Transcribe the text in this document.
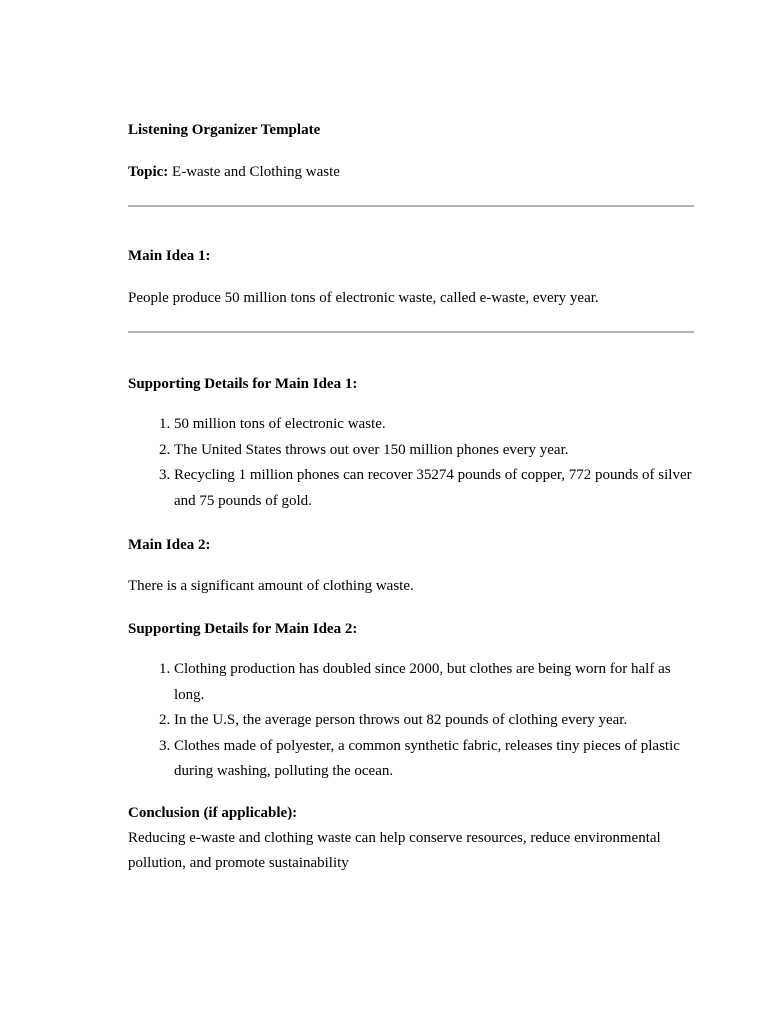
Listening Organizer Template
Topic: E-waste and Clothing waste
Main Idea 1:
People produce 50 million tons of electronic waste, called e-waste, every year.
Supporting Details for Main Idea 1:
1. 50 million tons of electronic waste.
2. The United States throws out over 150 million phones every year.
3. Recycling 1 million phones can recover 35274 pounds of copper, 772 pounds of silver and 75 pounds of gold.
Main Idea 2:
There is a significant amount of clothing waste.
Supporting Details for Main Idea 2:
1. Clothing production has doubled since 2000, but clothes are being worn for half as long.
2. In the U.S, the average person throws out 82 pounds of clothing every year.
3. Clothes made of polyester, a common synthetic fabric, releases tiny pieces of plastic during washing, polluting the ocean.
Conclusion (if applicable):
Reducing e-waste and clothing waste can help conserve resources, reduce environmental pollution, and promote sustainability
